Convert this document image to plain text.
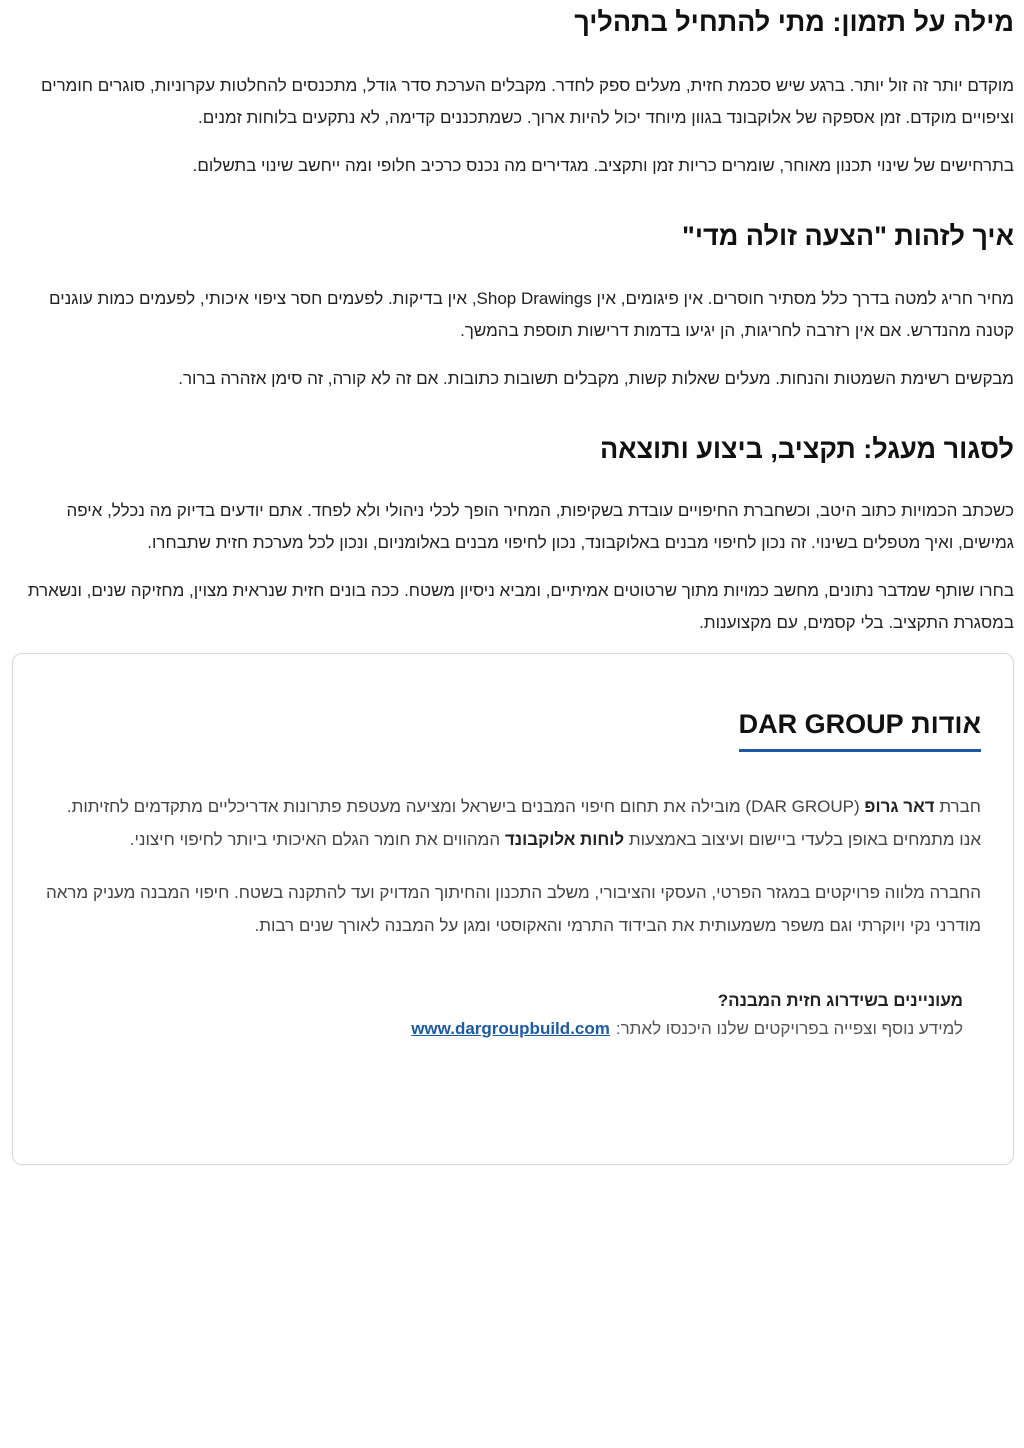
מילה על תזמון: מתי להתחיל בתהליך

מוקדם יותר זה זול יותר. ברגע שיש סכמת חזית, מעלים ספק לחדר. מקבלים הערכת סדר גודל, מתכנסים להחלטות עקרוניות, סוגרים חומרים וציפויים מוקדם. זמן אספקה של אלוקבונד בגוון מיוחד יכול להיות ארוך. כשמתכננים קדימה, לא נתקעים בלוחות זמנים.

בתרחישים של שינוי תכנון מאוחר, שומרים כריות זמן ותקציב. מגדירים מה נכנס כרכיב חלופי ומה ייחשב שינוי בתשלום.

איך לזהות "הצעה זולה מדי"

מחיר חריג למטה בדרך כלל מסתיר חוסרים. אין פיגומים, אין Shop Drawings, אין בדיקות. לפעמים חסר ציפוי איכותי, לפעמים כמות עוגנים קטנה מהנדרש. אם אין רזרבה לחריגות, הן יגיעו בדמות דרישות תוספת בהמשך.

מבקשים רשימת השמטות והנחות. מעלים שאלות קשות, מקבלים תשובות כתובות. אם זה לא קורה, זה סימן אזהרה ברור.

לסגור מעגל: תקציב, ביצוע ותוצאה

כשכתב הכמויות כתוב היטב, וכשחברת החיפויים עובדת בשקיפות, המחיר הופך לכלי ניהולי ולא לפחד. אתם יודעים בדיוק מה נכלל, איפה גמישים, ואיך מטפלים בשינוי. זה נכון לחיפוי מבנים באלוקבונד, נכון לחיפוי מבנים באלומניום, ונכון לכל מערכת חזית שתבחרו.

בחרו שותף שמדבר נתונים, מחשב כמויות מתוך שרטוטים אמיתיים, ומביא ניסיון משטח. ככה בונים חזית שנראית מצוין, מחזיקה שנים, ונשארת במסגרת התקציב. בלי קסמים, עם מקצוענות.

אודות DAR GROUP

חברת דאר גרופ (DAR GROUP) מובילה את תחום חיפוי המבנים בישראל ומציעה מעטפת פתרונות אדריכליים מתקדמים לחזיתות. אנו מתמחים באופן בלעדי ביישום ועיצוב באמצעות לוחות אלוקבונד המהווים את חומר הגלם האיכותי ביותר לחיפוי חיצוני.

החברה מלווה פרויקטים במגזר הפרטי, העסקי והציבורי, משלב התכנון והחיתוך המדויק ועד להתקנה בשטח. חיפוי המבנה מעניק מראה מודרני נקי ויוקרתי וגם משפר משמעותית את הבידוד התרמי והאקוסטי ומגן על המבנה לאורך שנים רבות.

מעוניינים בשידרוג חזית המבנה?
למידע נוסף וצפייה בפרויקטים שלנו היכנסו לאתר:www.dargroupbuild.com
